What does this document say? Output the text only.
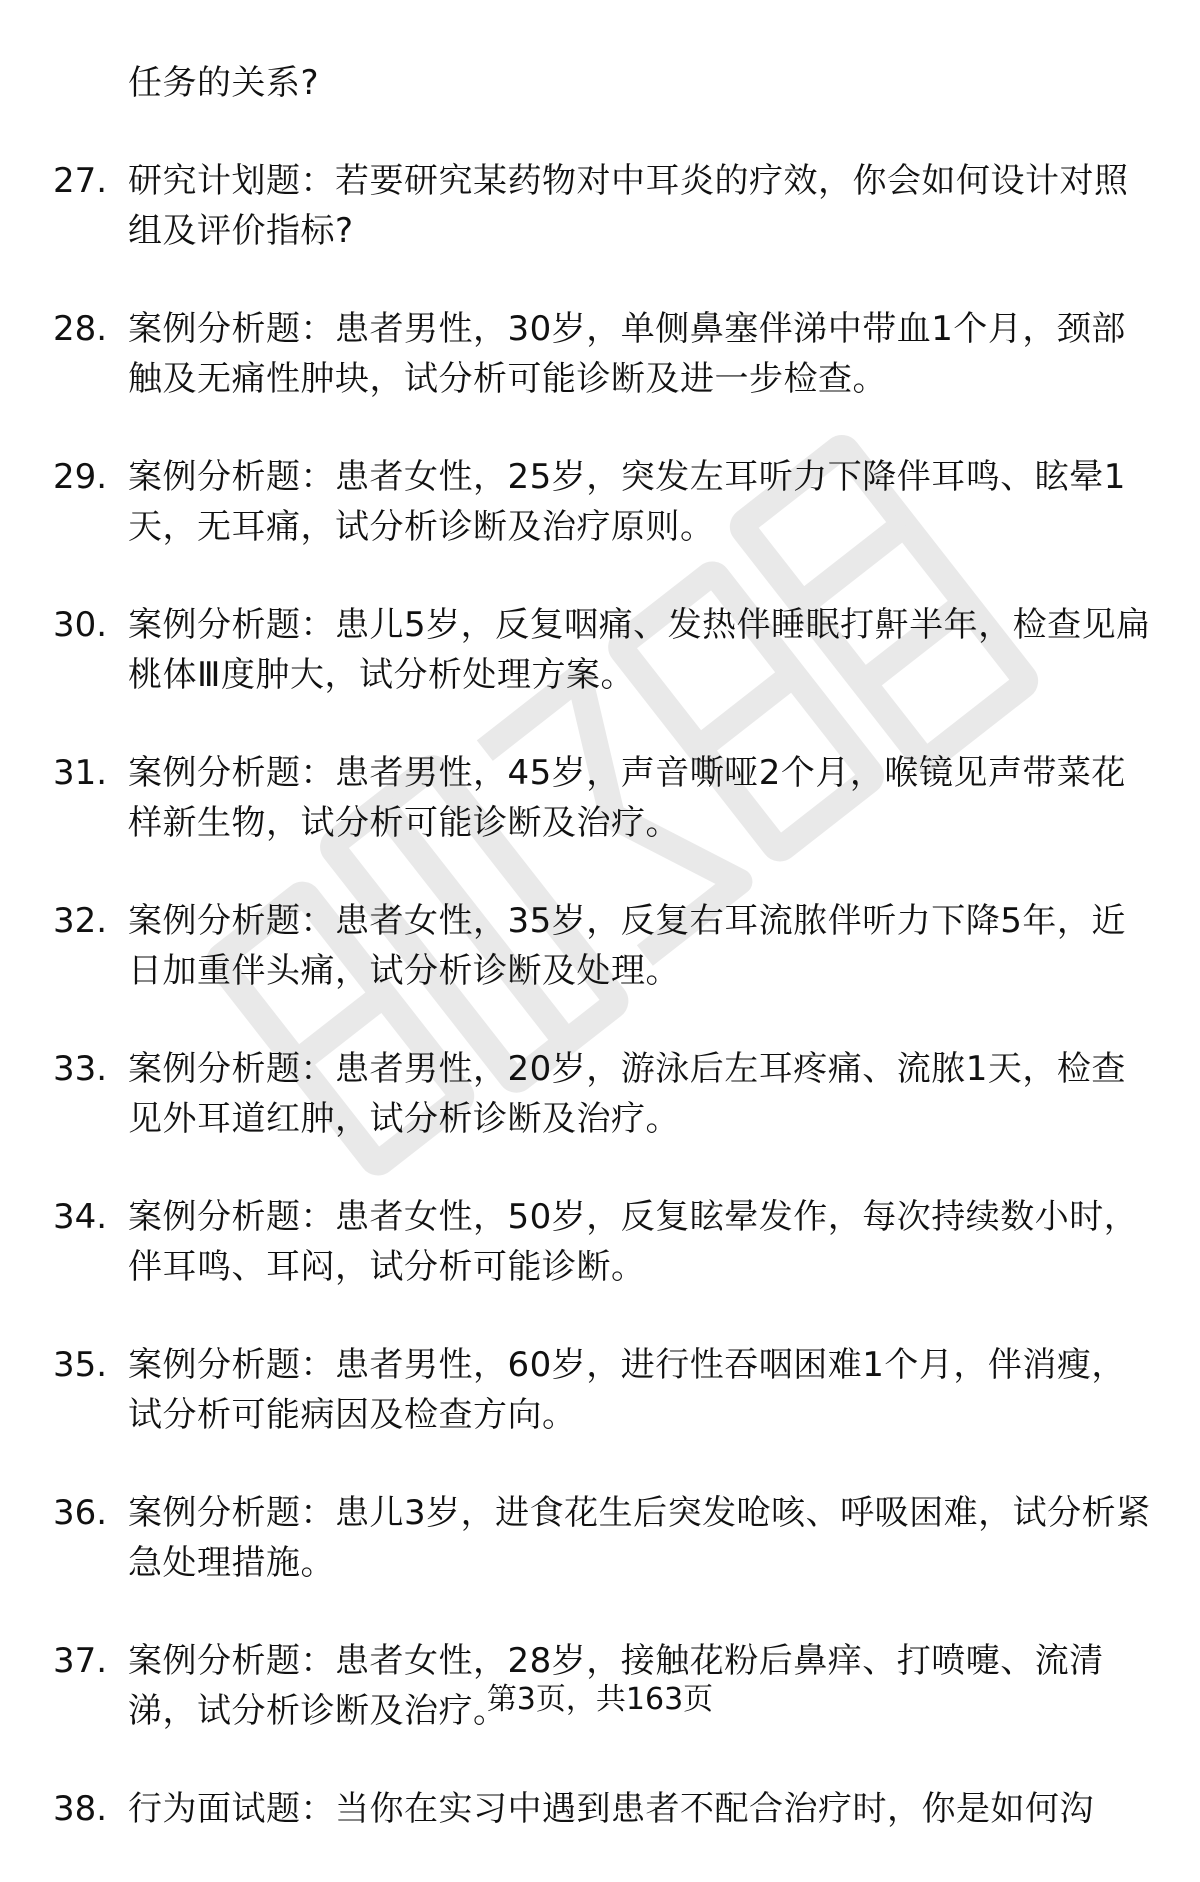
任务的关系?
27. 研究计划题：若要研究某药物对中耳炎的疗效，你会如何设计对照组及评价指标?
28. 案例分析题：患者男性，30岁，单侧鼻塞伴涕中带血1个月，颈部触及无痛性肿块，试分析可能诊断及进一步检查。
29. 案例分析题：患者女性，25岁，突发左耳听力下降伴耳鸣、眩晕1天，无耳痛，试分析诊断及治疗原则。
30. 案例分析题：患儿5岁，反复咽痛、发热伴睡眠打鼾半年，检查见扁桃体Ⅲ度肿大，试分析处理方案。
31. 案例分析题：患者男性，45岁，声音嘶哑2个月，喉镜见声带菜花样新生物，试分析可能诊断及治疗。
32. 案例分析题：患者女性，35岁，反复右耳流脓伴听力下降5年，近日加重伴头痛，试分析诊断及处理。
33. 案例分析题：患者男性，20岁，游泳后左耳疼痛、流脓1天，检查见外耳道红肿，试分析诊断及治疗。
34. 案例分析题：患者女性，50岁，反复眩晕发作，每次持续数小时，伴耳鸣、耳闷，试分析可能诊断。
35. 案例分析题：患者男性，60岁，进行性吞咽困难1个月，伴消瘦，试分析可能病因及检查方向。
36. 案例分析题：患儿3岁，进食花生后突发呛咳、呼吸困难，试分析紧急处理措施。
37. 案例分析题：患者女性，28岁，接触花粉后鼻痒、打喷嚏、流清涕，试分析诊断及治疗。
38. 行为面试题：当你在实习中遇到患者不配合治疗时，你是如何沟
第3页，共163页
